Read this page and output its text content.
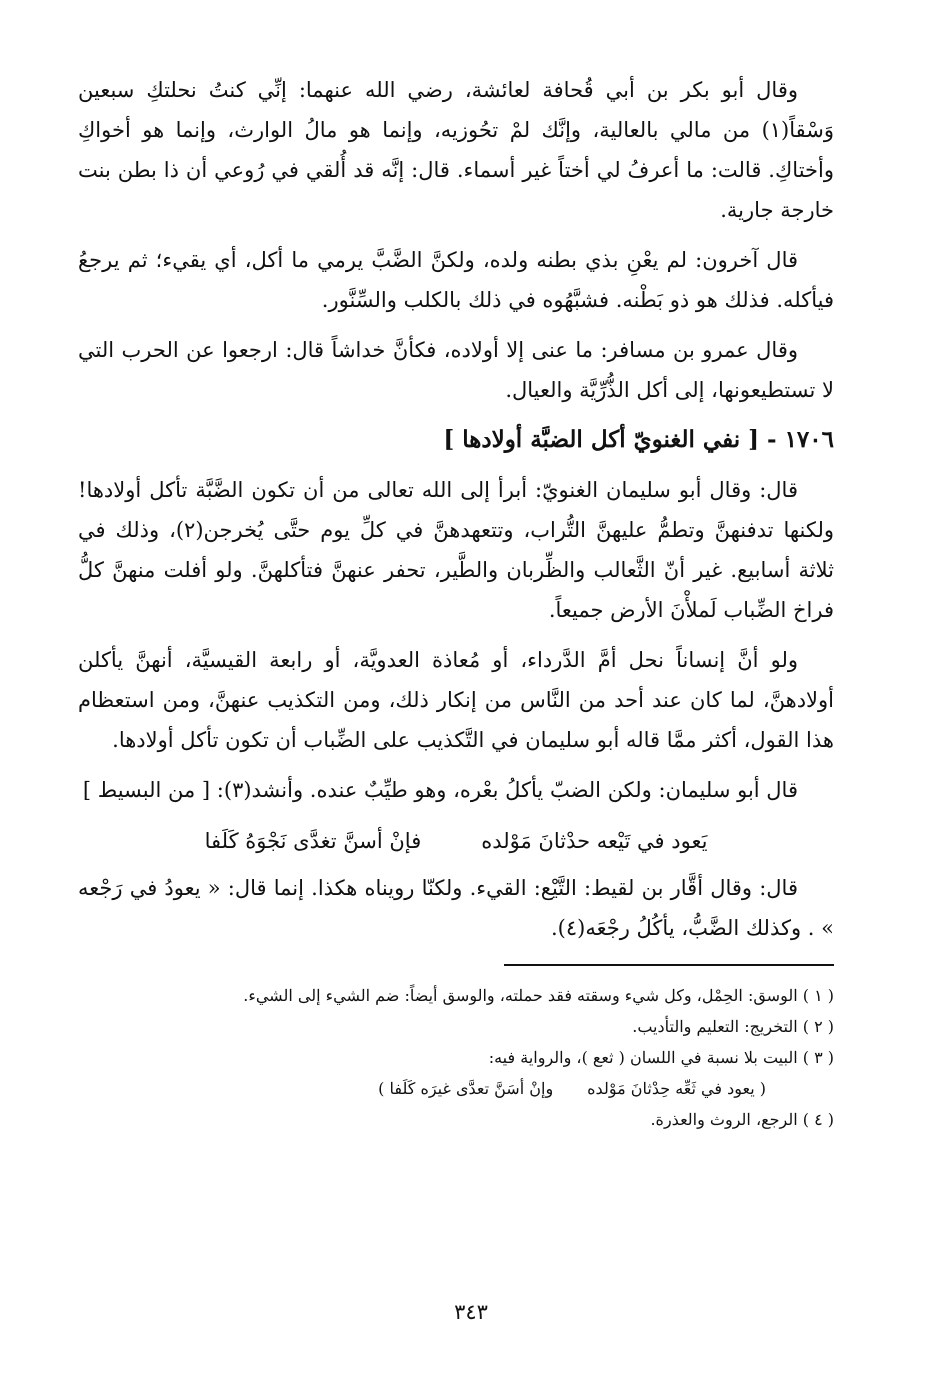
وقال أبو بكر بن أبي قُحافة لعائشة، رضي الله عنهما: إنِّي كنتُ نحلتكِ سبعين وَسْقاً(١) من مالي بالعالية، وإنَّك لمْ تحُوزيه، وإنما هو مالُ الوارث، وإنما هو أخواكِ وأختاكِ. قالت: ما أعرفُ لي أختاً غير أسماء. قال: إنَّه قد أُلقي في رُوعي أن ذا بطن بنت خارجة جارية.

قال آخرون: لم يعْنِ بذي بطنه ولده، ولكنَّ الضَّبَّ يرمي ما أكل، أي يقيء؛ ثم يرجعُ فيأكله. فذلك هو ذو بَطْنه. فشبَّهُوه في ذلك بالكلب والسِّنَّور.

وقال عمرو بن مسافر: ما عنى إلا أولاده، فكأنَّ خداشاً قال: ارجعوا عن الحرب التي لا تستطيعونها، إلى أكل الذُّرِّيَّة والعيال.

١٧٠٦ - [ نفي الغنويّ أكل الضبَّة أولادها ]

قال: وقال أبو سليمان الغنويّ: أبرأ إلى الله تعالى من أن تكون الضَّبَّة تأكل أولادها! ولكنها تدفنهنَّ وتطمُّ عليهنَّ التُّراب، وتتعهدهنَّ في كلِّ يوم حتَّى يُخرجن(٢)، وذلك في ثلاثة أسابيع. غير أنّ الثَّعالب والظِّربان والطَّير، تحفر عنهنَّ فتأكلهنَّ. ولو أفلت منهنَّ كلُّ فراخ الضِّباب لَملأْنَ الأرض جميعاً.

ولو أنَّ إنساناً نحل أمَّ الدَّرداء، أو مُعاذة العدويَّة، أو رابعة القيسيَّة، أنهنَّ يأكلن أولادهنَّ، لما كان عند أحد من النَّاس من إنكار ذلك، ومن التكذيب عنهنَّ، ومن استعظام هذا القول، أكثر ممَّا قاله أبو سليمان في التَّكذيب على الضِّباب أن تكون تأكل أولادها.

قال أبو سليمان: ولكن الضبّ يأكلُ بعْره، وهو طيِّبٌ عنده. وأنشد(٣): [ من البسيط ]

يَعود في تَيْعه حدْثانَ مَوْلده
فإنْ أسنَّ تغدَّى نَجْوَهُ كَلَفا

قال: وقال أقَّار بن لقيط: التَّيْع: القيء. ولكنّا رويناه هكذا. إنما قال: « يعودُ في رَجْعه » . وكذلك الضَّبُّ، يأكُلُ رجْعَه(٤).

( ١ ) الوسق: الحِمْل، وكل شيء وسقته فقد حملته، والوسق أيضاً: ضم الشيء إلى الشيء.
( ٢ ) التخريج: التعليم والتأديب.
( ٣ ) البيت بلا نسبة في اللسان ( ثعع )، والرواية فيه:
( يعود في ثَعِّه حِدْثانَ مَوْلده
وإنْ أسَنَّ تعدَّى غيرَه كَلَفا )
( ٤ ) الرجع، الروث والعذرة.
٣٤٣
